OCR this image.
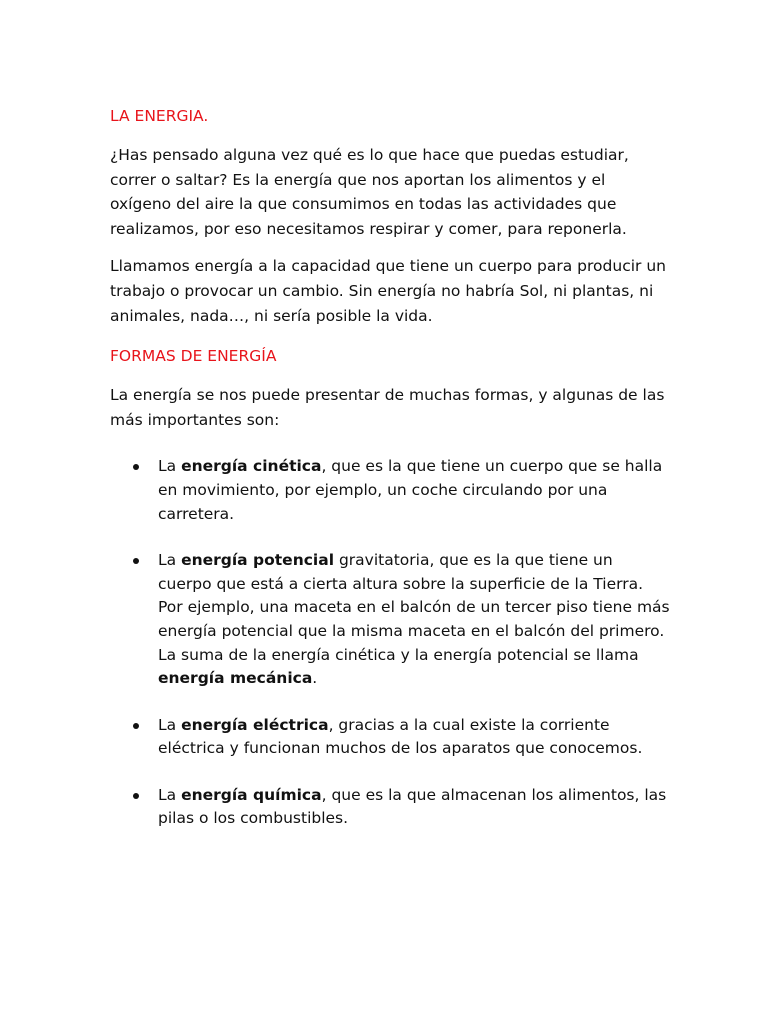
LA ENERGIA.

¿Has pensado alguna vez qué es lo que hace que puedas estudiar, correr o saltar? Es la energía que nos aportan los alimentos y el oxígeno del aire la que consumimos en todas las actividades que realizamos, por eso necesitamos respirar y comer, para reponerla.

Llamamos energía a la capacidad que tiene un cuerpo para producir un trabajo o provocar un cambio. Sin energía no habría Sol, ni plantas, ni animales, nada…, ni sería posible la vida.

FORMAS DE ENERGÍA

La energía se nos puede presentar de muchas formas, y algunas de las más importantes son:

La energía cinética, que es la que tiene un cuerpo que se halla en movimiento, por ejemplo, un coche circulando por una carretera.
La energía potencial gravitatoria, que es la que tiene un cuerpo que está a cierta altura sobre la superficie de la Tierra. Por ejemplo, una maceta en el balcón de un tercer piso tiene más energía potencial que la misma maceta en el balcón del primero. La suma de la energía cinética y la energía potencial se llama energía mecánica.
La energía eléctrica, gracias a la cual existe la corriente eléctrica y funcionan muchos de los aparatos que conocemos.
La energía química, que es la que almacenan los alimentos, las pilas o los combustibles.
